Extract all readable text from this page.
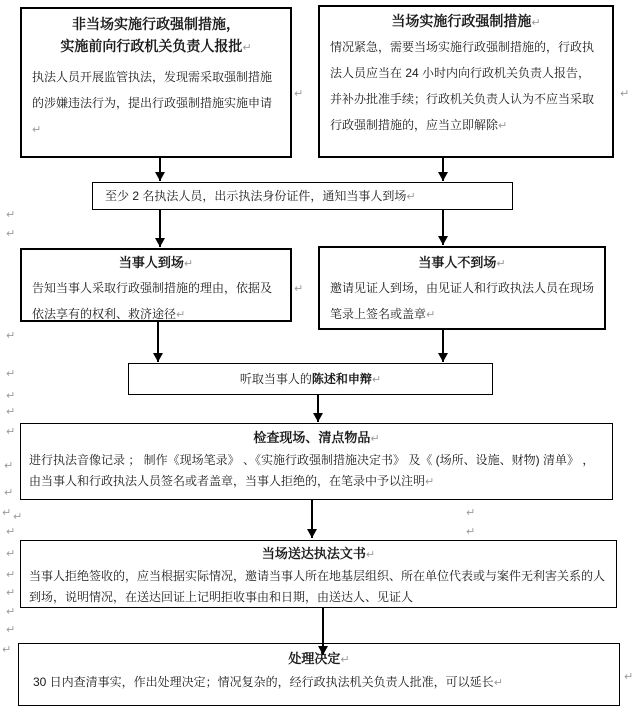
非当场实施行政强制措施，
实施前向行政机关负责人报批↵
执法人员开展监管执法，发现需采取强制措施的涉嫌违法行为，提出行政强制措施实施申请↵
当场实施行政强制措施↵
情况紧急，需要当场实施行政强制措施的，行政执法人员应当在 24 小时内向行政机关负责人报告，并补办批准手续；行政机关负责人认为不应当采取行政强制措施的，应当立即解除↵
至少 2 名执法人员，出示执法身份证件，通知当事人到场↵
当事人到场↵
告知当事人采取行政强制措施的理由，依据及依法享有的权利、救济途径↵
当事人不到场↵
邀请见证人到场，由见证人和行政执法人员在现场笔录上签名或盖章↵
听取当事人的陈述和申辩↵
检查现场、清点物品↵
进行执法音像记录 ； 制作《现场笔录》 、《实施行政强制措施决定书》 及《 (场所、设施、财物) 清单》 ， 由当事人和行政执法人员签名或者盖章，当事人拒绝的，在笔录中予以注明↵
当场送达执法文书↵
当事人拒绝签收的，应当根据实际情况，邀请当事人所在地基层组织、所在单位代表或与案件无利害关系的人到场，说明情况，在送达回证上记明拒收事由和日期，由送达人、见证人
处理决定↵
30 日内查清事实，作出处理决定；情况复杂的，经行政执法机关负责人批准，可以延长↵
↵	↵
↵
↵
↵
↵
↵
↵
↵
↵
↵
↵
↵ ↵	↵
↵
↵
↵
↵
↵
↵
↵
↵
↵
